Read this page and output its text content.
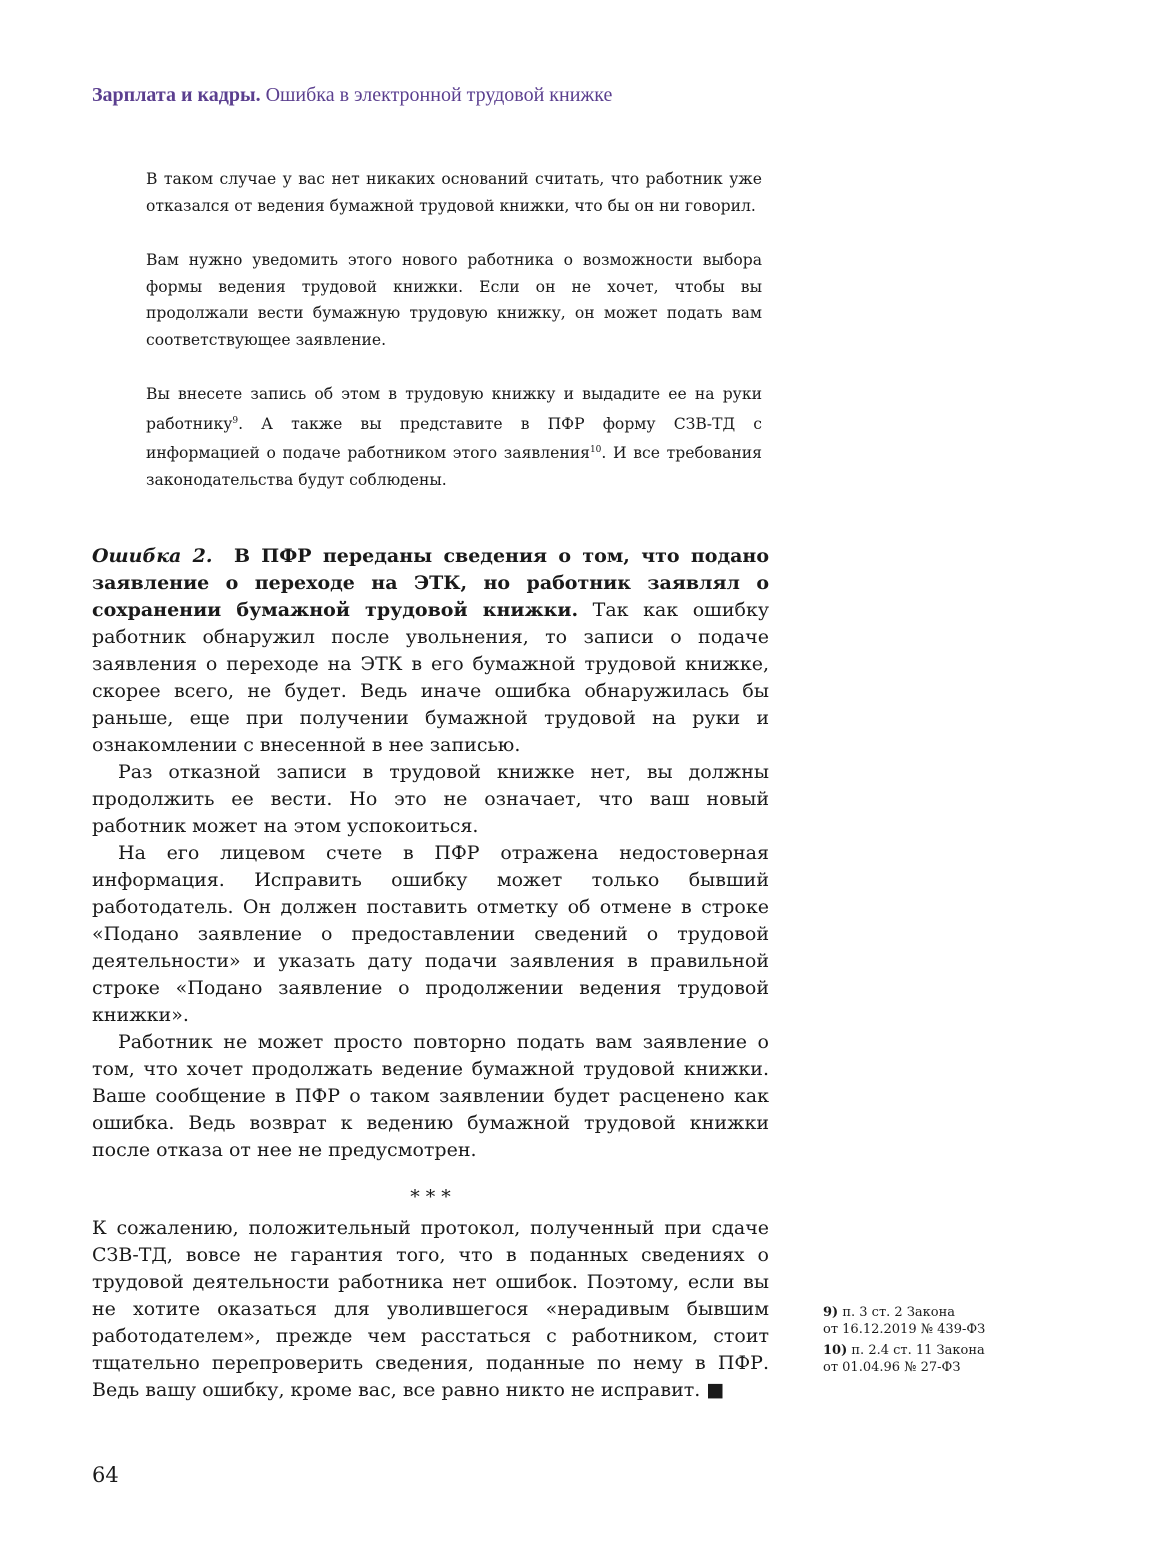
Зарплата и кадры. Ошибка в электронной трудовой книжке

В таком случае у вас нет никаких оснований считать, что работник уже отказался от ведения бумажной трудовой книжки, что бы он ни говорил.

Вам нужно уведомить этого нового работника о возможности выбора формы ведения трудовой книжки. Если он не хочет, чтобы вы продолжали вести бумажную трудовую книжку, он может подать вам соответствующее заявление.

Вы внесете запись об этом в трудовую книжку и выдадите ее на руки работнику$^9$. А также вы представите в ПФР форму СЗВ-ТД с информацией о подаче работником этого заявления$^{10}$. И все требования законодательства будут соблюдены.

Ошибка 2. В ПФР переданы сведения о том, что подано заявление о переходе на ЭТК, но работник заявлял о сохранении бумажной трудовой книжки. Так как ошибку работник обнаружил после увольнения, то записи о подаче заявления о переходе на ЭТК в его бумажной трудовой книжке, скорее всего, не будет. Ведь иначе ошибка обнаружилась бы раньше, еще при получении бумажной трудовой на руки и ознакомлении с внесенной в нее записью.

Раз отказной записи в трудовой книжке нет, вы должны продолжить ее вести. Но это не означает, что ваш новый работник может на этом успокоиться.

На его лицевом счете в ПФР отражена недостоверная информация. Исправить ошибку может только бывший работодатель. Он должен поставить отметку об отмене в строке «Подано заявление о предоставлении сведений о трудовой деятельности» и указать дату подачи заявления в правильной строке «Подано заявление о продолжении ведения трудовой книжки».

Работник не может просто повторно подать вам заявление о том, что хочет продолжать ведение бумажной трудовой книжки. Ваше сообщение в ПФР о таком заявлении будет расценено как ошибка. Ведь возврат к ведению бумажной трудовой книжки после отказа от нее не предусмотрен.

* * *

К сожалению, положительный протокол, полученный при сдаче СЗВ-ТД, вовсе не гарантия того, что в поданных сведениях о трудовой деятельности работника нет ошибок. Поэтому, если вы не хотите оказаться для уволившегося «нерадивым бывшим работодателем», прежде чем расстаться с работником, стоит тщательно перепроверить сведения, поданные по нему в ПФР. Ведь вашу ошибку, кроме вас, все равно никто не исправит. ■

9) п. 3 ст. 2 Закона
от 16.12.2019 № 439-ФЗ
10) п. 2.4 ст. 11 Закона
от 01.04.96 № 27-ФЗ
64
